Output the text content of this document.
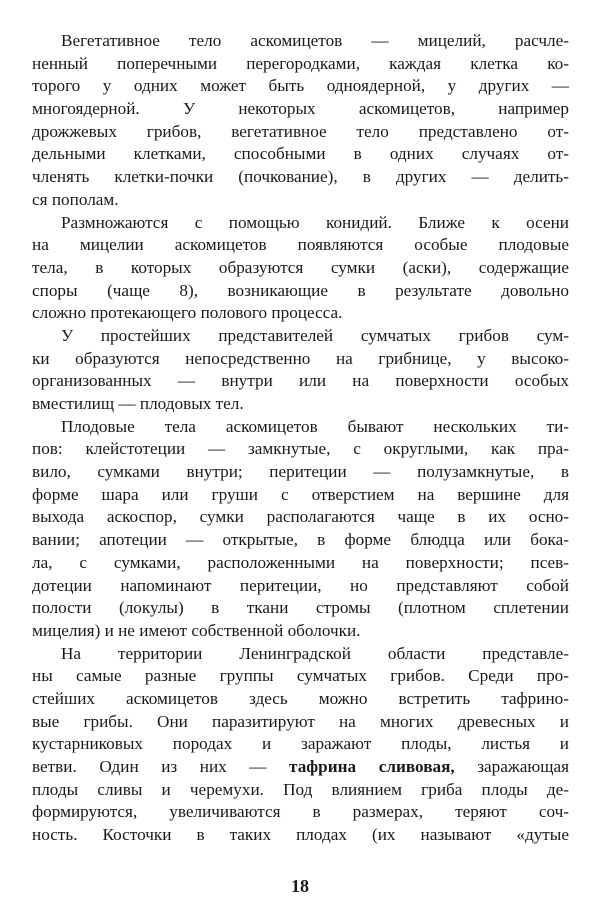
Вегетативное тело аскомицетов — мицелий, расчле-
ненный поперечными перегородками, каждая клетка ко-
торого у одних может быть одноядерной, у других —
многоядерной. У некоторых аскомицетов, например
дрожжевых грибов, вегетативное тело представлено от-
дельными клетками, способными в одних случаях от-
членять клетки-почки (почкование), в других — делить-
ся пополам.
Размножаются с помощью конидий. Ближе к осени
на мицелии аскомицетов появляются особые плодовые
тела, в которых образуются сумки (аски), содержащие
споры (чаще 8), возникающие в результате довольно
сложно протекающего полового процесса.
У простейших представителей сумчатых грибов сум-
ки образуются непосредственно на грибнице, у высоко-
организованных — внутри или на поверхности особых
вместилищ — плодовых тел.
Плодовые тела аскомицетов бывают нескольких ти-
пов: клейстотеции — замкнутые, с округлыми, как пра-
вило, сумками внутри; перитеции — полузамкнутые, в
форме шара или груши с отверстием на вершине для
выхода аскоспор, сумки располагаются чаще в их осно-
вании; апотеции — открытые, в форме блюдца или бока-
ла, с сумками, расположенными на поверхности; псев-
дотеции напоминают перитеции, но представляют собой
полости (локулы) в ткани стромы (плотном сплетении
мицелия) и не имеют собственной оболочки.
На территории Ленинградской области представле-
ны самые разные группы сумчатых грибов. Среди про-
стейших аскомицетов здесь можно встретить тафрино-
вые грибы. Они паразитируют на многих древесных и
кустарниковых породах и заражают плоды, листья и
ветви. Один из них — тафрина сливовая, заражающая
плоды сливы и черемухи. Под влиянием гриба плоды де-
формируются, увеличиваются в размерах, теряют соч-
ность. Косточки в таких плодах (их называют «дутые
18
